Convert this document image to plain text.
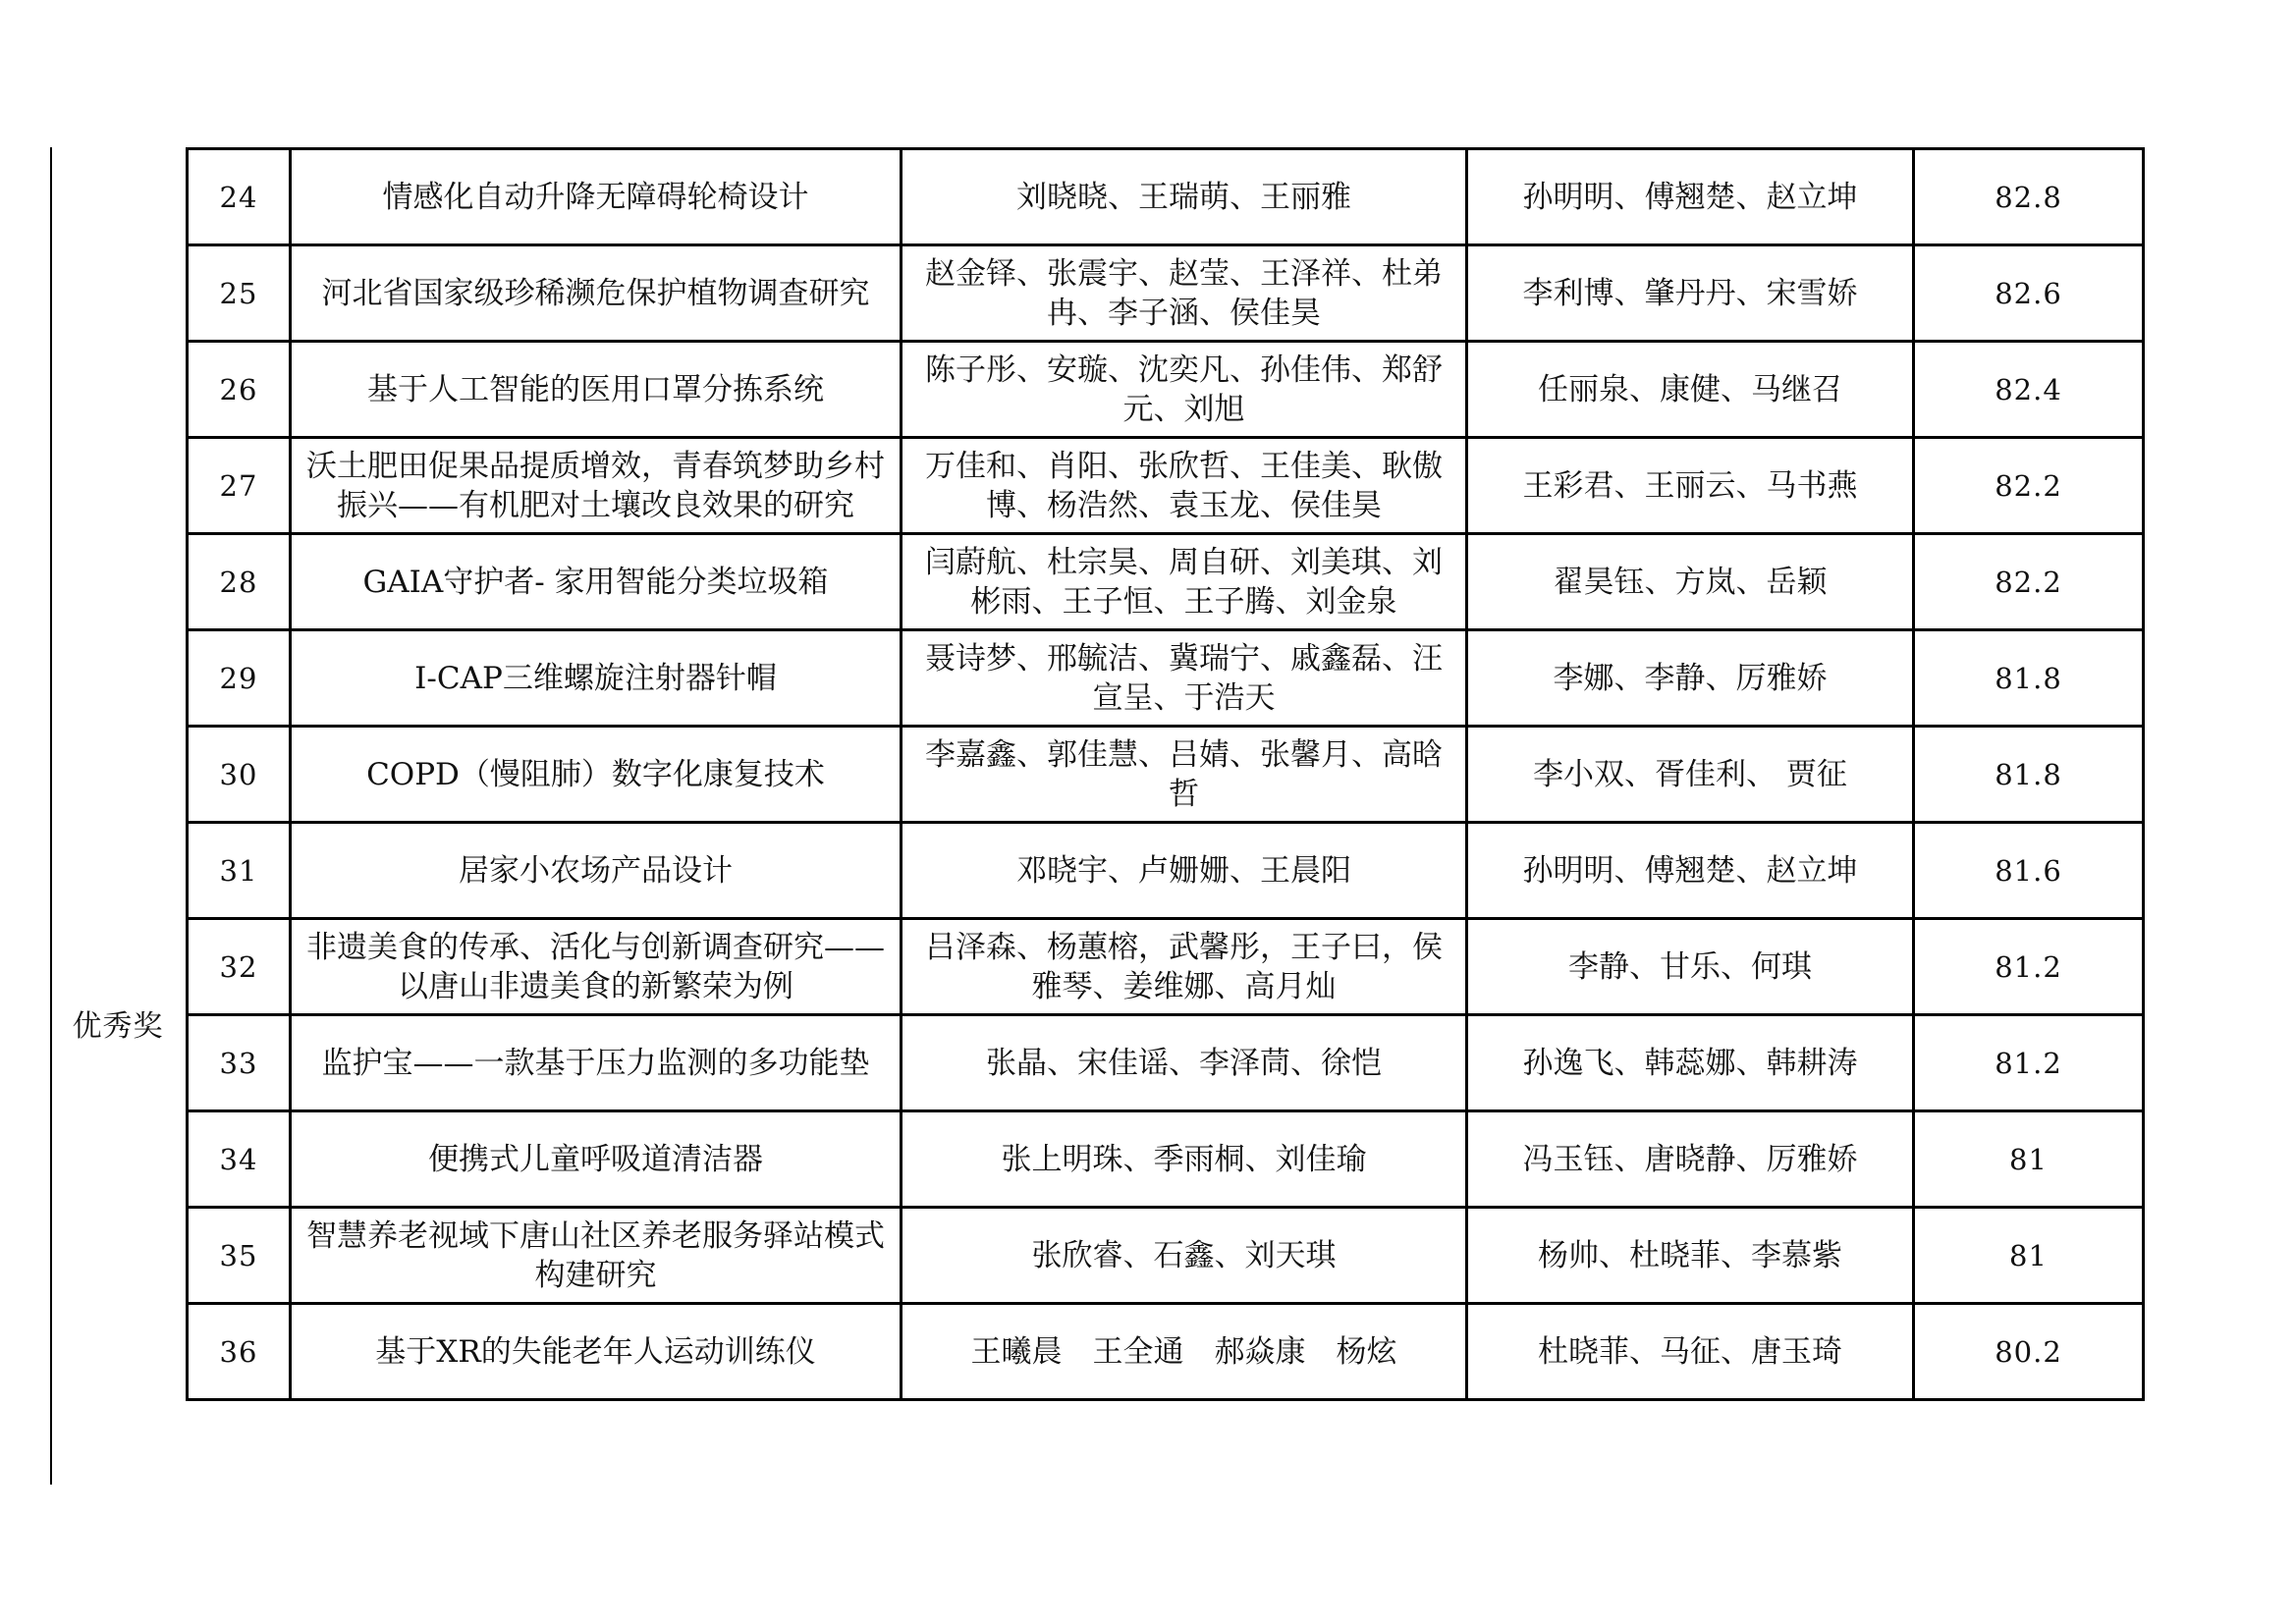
优秀奖
24	情感化自动升降无障碍轮椅设计	刘晓晓、王瑞萌、王丽雅	孙明明、傅翘楚、赵立坤	82.8
25	河北省国家级珍稀濒危保护植物调查研究	赵金铎、张震宇、赵莹、王泽祥、杜弟冉、李子涵、侯佳昊	李利博、肇丹丹、宋雪娇	82.6
26	基于人工智能的医用口罩分拣系统	陈子彤、安璇、沈奕凡、孙佳伟、郑舒元、刘旭	任丽泉、康健、马继召	82.4
27	沃土肥田促果品提质增效，青春筑梦助乡村振兴——有机肥对土壤改良效果的研究	万佳和、肖阳、张欣哲、王佳美、耿傲博、杨浩然、袁玉龙、侯佳昊	王彩君、王丽云、马书燕	82.2
28	GAIA守护者- 家用智能分类垃圾箱	闫蔚航、杜宗昊、周自研、刘美琪、刘彬雨、王子恒、王子腾、刘金泉	翟昊钰、方岚、岳颖	82.2
29	I-CAP三维螺旋注射器针帽	聂诗梦、邢毓洁、冀瑞宁、戚鑫磊、汪宣呈、于浩天	李娜、李静、厉雅娇	81.8
30	COPD（慢阻肺）数字化康复技术	李嘉鑫、郭佳慧、吕婧、张馨月、高晗哲	李小双、胥佳利、 贾征	81.8
31	居家小农场产品设计	邓晓宇、卢姗姗、王晨阳	孙明明、傅翘楚、赵立坤	81.6
32	非遗美食的传承、活化与创新调查研究——以唐山非遗美食的新繁荣为例	吕泽森、杨蕙榕，武馨彤，王子曰，侯雅琴、姜维娜、高月灿	李静、甘乐、何琪	81.2
33	监护宝——一款基于压力监测的多功能垫	张晶、宋佳谣、李泽茼、徐恺	孙逸飞、韩蕊娜、韩耕涛	81.2
34	便携式儿童呼吸道清洁器	张上明珠、季雨桐、刘佳瑜	冯玉钰、唐晓静、厉雅娇	81
35	智慧养老视域下唐山社区养老服务驿站模式构建研究	张欣睿、石鑫、刘天琪	杨帅、杜晓菲、李慕紫	81
36	基于XR的失能老年人运动训练仪	王曦晨　王全通　郝焱康　杨炫	杜晓菲、马征、唐玉琦	80.2
